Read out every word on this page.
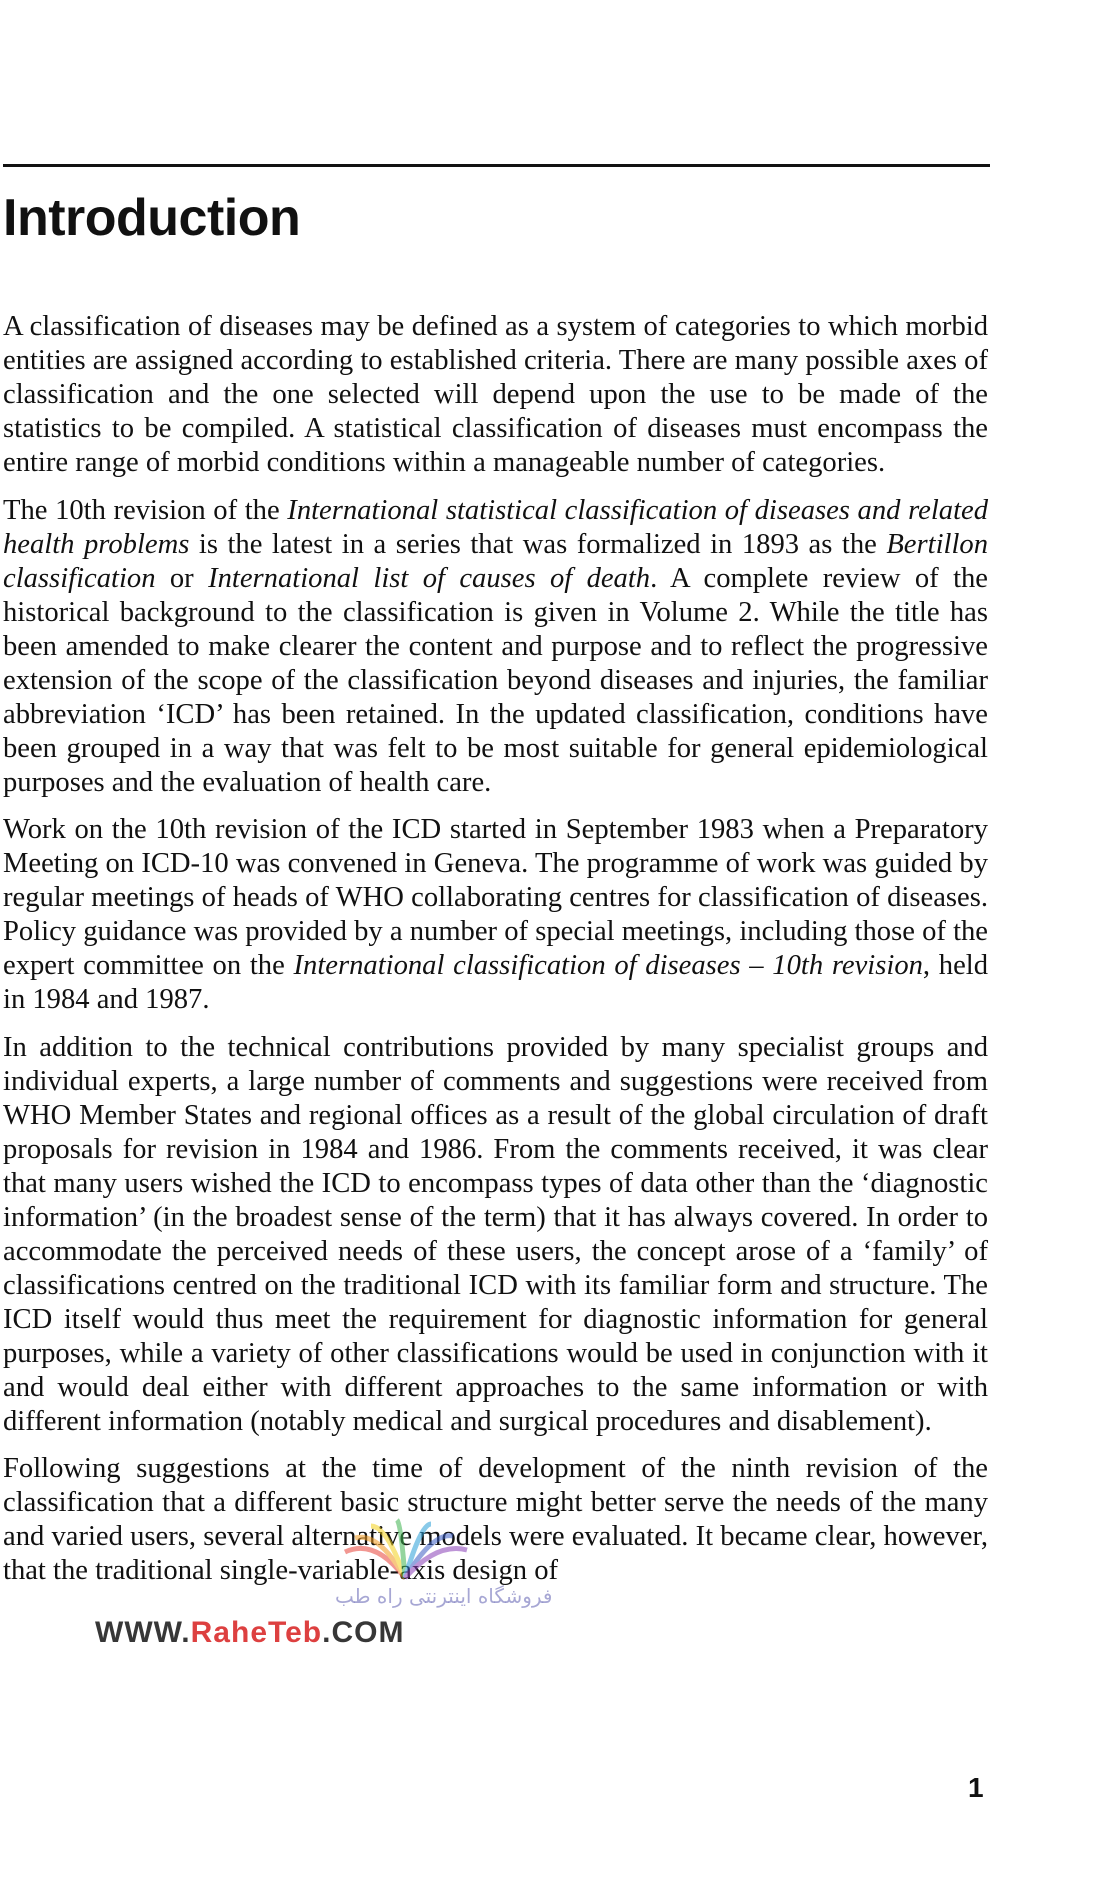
Introduction

A classification of diseases may be defined as a system of categories to which morbid entities are assigned according to established criteria. There are many possible axes of classification and the one selected will depend upon the use to be made of the statistics to be compiled. A statistical classification of diseases must encompass the entire range of morbid conditions within a manageable number of categories.

The 10th revision of the International statistical classification of diseases and related health problems is the latest in a series that was formalized in 1893 as the Bertillon classification or International list of causes of death. A complete review of the historical background to the classification is given in Volume 2. While the title has been amended to make clearer the content and purpose and to reflect the progressive extension of the scope of the classification beyond diseases and injuries, the familiar abbreviation ‘ICD’ has been retained. In the updated classification, conditions have been grouped in a way that was felt to be most suitable for general epidemiological purposes and the evaluation of health care.

Work on the 10th revision of the ICD started in September 1983 when a Preparatory Meeting on ICD-10 was convened in Geneva. The programme of work was guided by regular meetings of heads of WHO collaborating centres for classification of diseases. Policy guidance was provided by a number of special meetings, including those of the expert committee on the International classification of diseases – 10th revision, held in 1984 and 1987.

In addition to the technical contributions provided by many specialist groups and individual experts, a large number of comments and suggestions were received from WHO Member States and regional offices as a result of the global circulation of draft proposals for revision in 1984 and 1986. From the comments received, it was clear that many users wished the ICD to encompass types of data other than the ‘diagnostic information’ (in the broadest sense of the term) that it has always covered. In order to accommodate the perceived needs of these users, the concept arose of a ‘family’ of classifications centred on the traditional ICD with its familiar form and structure. The ICD itself would thus meet the requirement for diagnostic information for general purposes, while a variety of other classifications would be used in conjunction with it and would deal either with different approaches to the same information or with different information (notably medical and surgical procedures and disablement).

Following suggestions at the time of development of the ninth revision of the classification that a different basic structure might better serve the needs of the many and varied users, several alternative models were evaluated. It became clear, however, that the traditional single-variable-axis design of

1
فروشگاه اینترنتی راه طب
WWW.RaheTeb.COM
